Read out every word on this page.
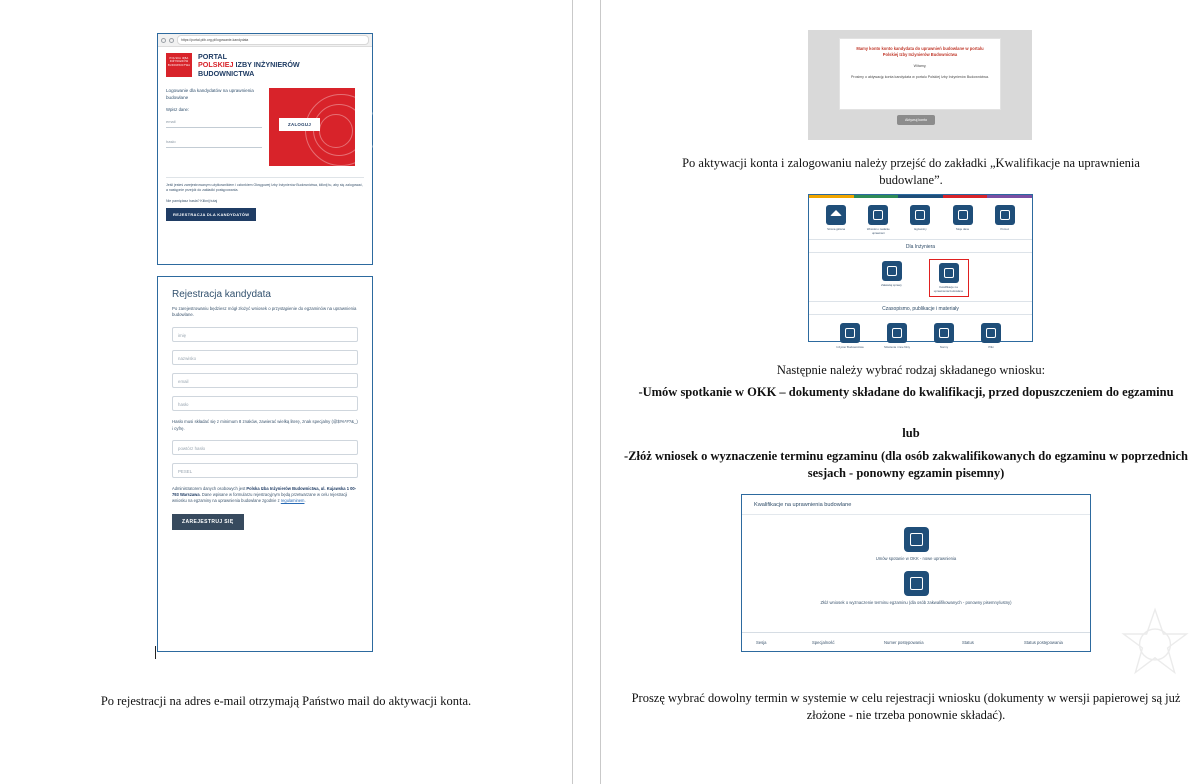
https://portal.piib.org.pl/logowanie-kandydata
POLSKA IZBA INŻYNIERÓW BUDOWNICTWA
PORTAL
POLSKIEJ IZBY INŻYNIERÓW
BUDOWNICTWA
Logowanie dla kandydatów na uprawnienia budowlane
Wpisz dane:
email
hasło
ZALOGUJ
Jeśli jesteś zarejestrowanym użytkownikiem i członkiem Okręgowej Izby Inżynierów Budownictwa, kliknij tu, aby się zalogować, a następnie przejdź do zakładki postępowania.
Nie pamiętasz hasła? Kliknij tutaj
REJESTRACJA DLA KANDYDATÓW
Rejestracja kandydata
Po zarejestrowaniu będziesz mógł złożyć wniosek o przystąpienie do egzaminów na uprawnienia budowlane.
imię
nazwisko
email
hasło
Hasło musi składać się z minimum 8 znaków, zawierać wielką literę, znak specjalny (@$!%*#?&_) i cyfrę.
powtórz hasło
PESEL
Administratorem danych osobowych jest Polska Izba Inżynierów Budownictwa, ul. Kujawska 1 00-793 Warszawa. Dane wpisane w formularzu rejestracyjnym będą przetwarzane w celu rejestracji wniosku na egzaminy na uprawnienia budowlane zgodnie z regulaminem.
ZAREJESTRUJ SIĘ
Po rejestracji na adres e-mail otrzymają Państwo mail do aktywacji konta.
Mamy konto konto kandydata do uprawnień budowlane w portalu Polskiej Izby Inżynierów Budownictwa
Witamy,
Prosimy o aktywację konta kandydata w portalu Polskiej Izby Inżynierów Budownictwa.
Aktywuj konto
Po aktywacji konta i zalogowaniu należy przejść do zakładki „Kwalifikacje na uprawnienia budowlane”.
Strona główna	Wnioski o nadanie uprawnień
Egzaminy	Moje dane	Pomoc
Dla Inżyniera
Załatwiaj sprawy	Kwalifikacje na uprawnienia budowlane
Czasopismo, publikacje i materiały
Inżynier Budownictwa	Szkolenia i inne filmy	Normy	Pliki
Następnie należy wybrać rodzaj składanego wniosku:
-Umów spotkanie w OKK – dokumenty składane do kwalifikacji, przed dopuszczeniem do egzaminu
lub
-Złóż wniosek o wyznaczenie terminu egzaminu (dla osób zakwalifikowanych do egzaminu w poprzednich sesjach - ponowny egzamin pisemny)
Kwalifikacje na uprawnienia budowlane
Umów spotanie w OKK - nowe uprawnienia
Złóż wniosek o wyznaczenie terminu egzaminu (dla osób zakwalifikowanych - ponowny pisemny/ustny)
Sesja	Specjalność	Numer postępowania	Status	Status postępowania
Proszę wybrać dowolny termin w systemie w celu rejestracji wniosku (dokumenty w wersji papierowej są już złożone - nie trzeba ponownie składać).
